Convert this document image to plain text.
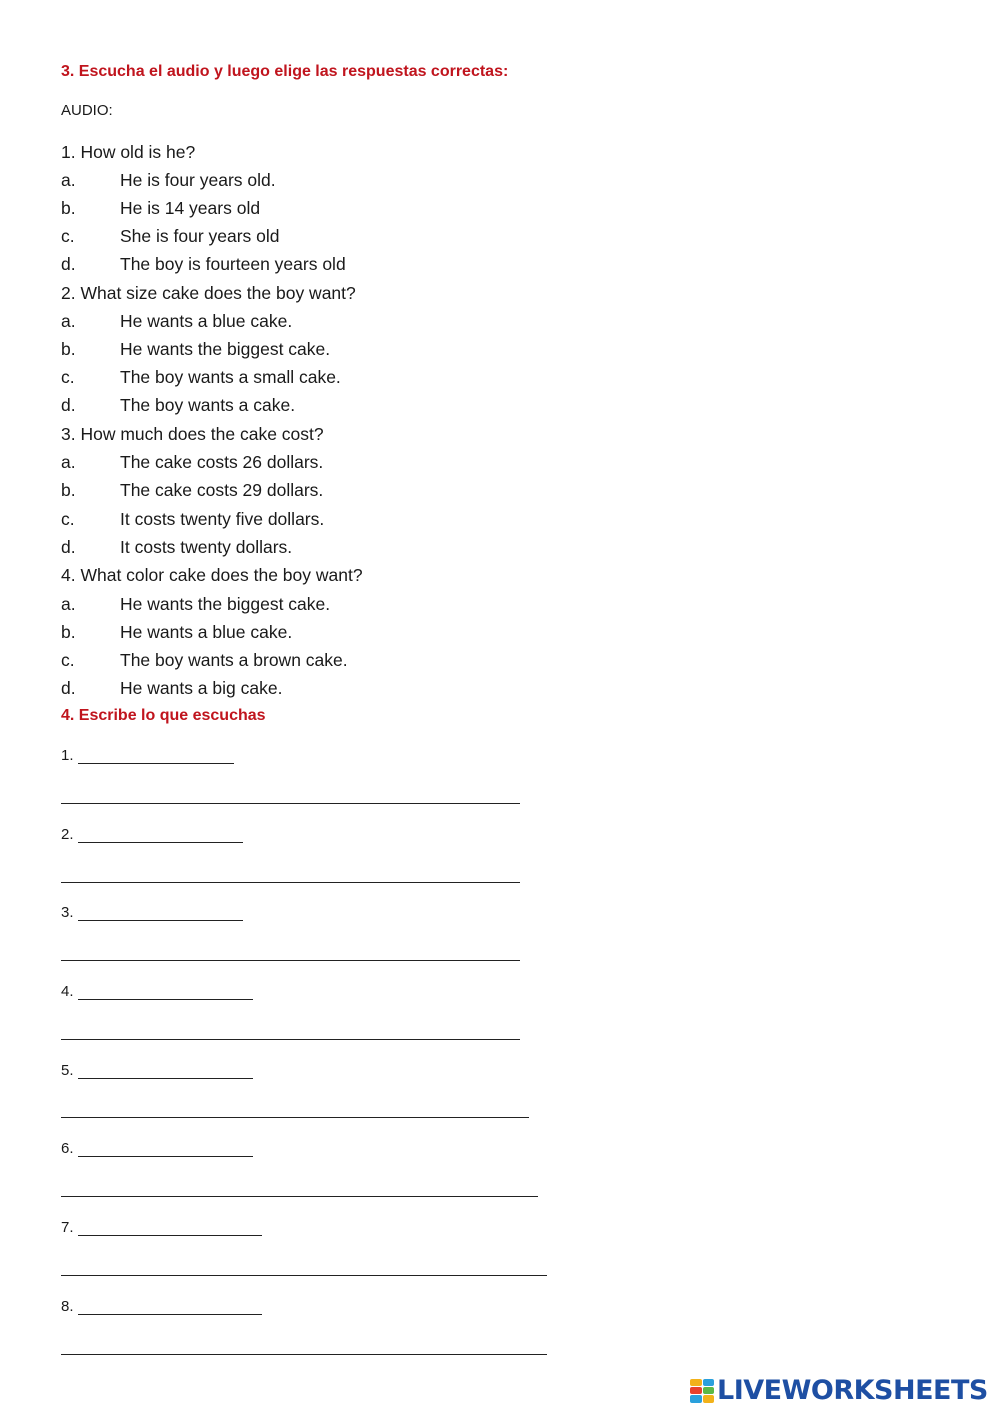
3. Escucha el audio y luego elige las respuestas correctas:
AUDIO:
1. How old is he?
a.	He is four years old.
b.	He is 14 years old
c.	She is four years old
d.	The boy is fourteen years old
2. What size cake does the boy want?
a.	He wants a blue cake.
b.	He wants the biggest cake.
c.	The boy wants a small cake.
d.	The boy wants a cake.
3. How much does the cake cost?
a.	The cake costs 26 dollars.
b.	The cake costs 29 dollars.
c.	It costs twenty five dollars.
d.	It costs twenty dollars.
4. What color cake does the boy want?
a.	He wants the biggest cake.
b.	He wants a blue cake.
c.	The boy wants a brown cake.
d.	He wants a big cake.
4. Escribe lo que escuchas
1.
2.
3.
4.
5.
6.
7.
8.
LIVEWORKSHEETS
